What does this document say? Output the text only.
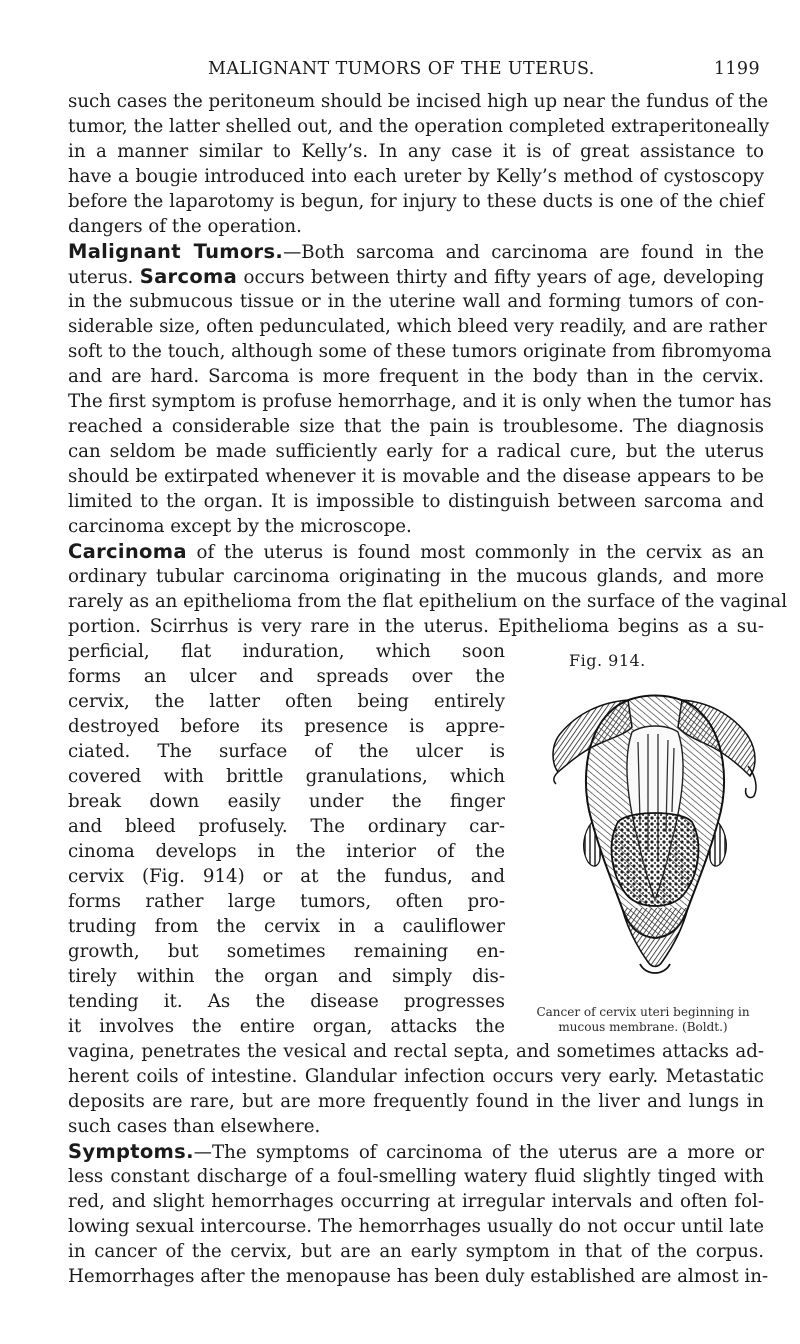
MALIGNANT TUMORS OF THE UTERUS.	1199
such cases the peritoneum should be incised high up near the fundus of the
tumor, the latter shelled out, and the operation completed extraperitoneally
in a manner similar to Kelly’s. In any case it is of great assistance to
have a bougie introduced into each ureter by Kelly’s method of cystoscopy
before the laparotomy is begun, for injury to these ducts is one of the chief
dangers of the operation.
Malignant Tumors.—Both sarcoma and carcinoma are found in the
uterus. Sarcoma occurs between thirty and fifty years of age, developing
in the submucous tissue or in the uterine wall and forming tumors of con-
siderable size, often pedunculated, which bleed very readily, and are rather
soft to the touch, although some of these tumors originate from fibromyoma
and are hard. Sarcoma is more frequent in the body than in the cervix.
The first symptom is profuse hemorrhage, and it is only when the tumor has
reached a considerable size that the pain is troublesome. The diagnosis
can seldom be made sufficiently early for a radical cure, but the uterus
should be extirpated whenever it is movable and the disease appears to be
limited to the organ. It is impossible to distinguish between sarcoma and
carcinoma except by the microscope.
Carcinoma of the uterus is found most commonly in the cervix as an
ordinary tubular carcinoma originating in the mucous glands, and more
rarely as an epithelioma from the flat epithelium on the surface of the vaginal
portion. Scirrhus is very rare in the uterus. Epithelioma begins as a su-
perficial, flat induration, which soon
forms an ulcer and spreads over the
cervix, the latter often being entirely
destroyed before its presence is appre-
ciated. The surface of the ulcer is
covered with brittle granulations, which
break down easily under the finger
and bleed profusely. The ordinary car-
cinoma develops in the interior of the
cervix (Fig. 914) or at the fundus, and
forms rather large tumors, often pro-
truding from the cervix in a cauliflower
growth, but sometimes remaining en-
tirely within the organ and simply dis-
tending it. As the disease progresses
it involves the entire organ, attacks the
vagina, penetrates the vesical and rectal septa, and sometimes attacks ad-
herent coils of intestine. Glandular infection occurs very early. Metastatic
deposits are rare, but are more frequently found in the liver and lungs in
such cases than elsewhere.
Symptoms.—The symptoms of carcinoma of the uterus are a more or
less constant discharge of a foul-smelling watery fluid slightly tinged with
red, and slight hemorrhages occurring at irregular intervals and often fol-
lowing sexual intercourse. The hemorrhages usually do not occur until late
in cancer of the cervix, but are an early symptom in that of the corpus.
Hemorrhages after the menopause has been duly established are almost in-
Fig. 914.
Cancer of cervix uteri beginning in mucous membrane. (Boldt.)
